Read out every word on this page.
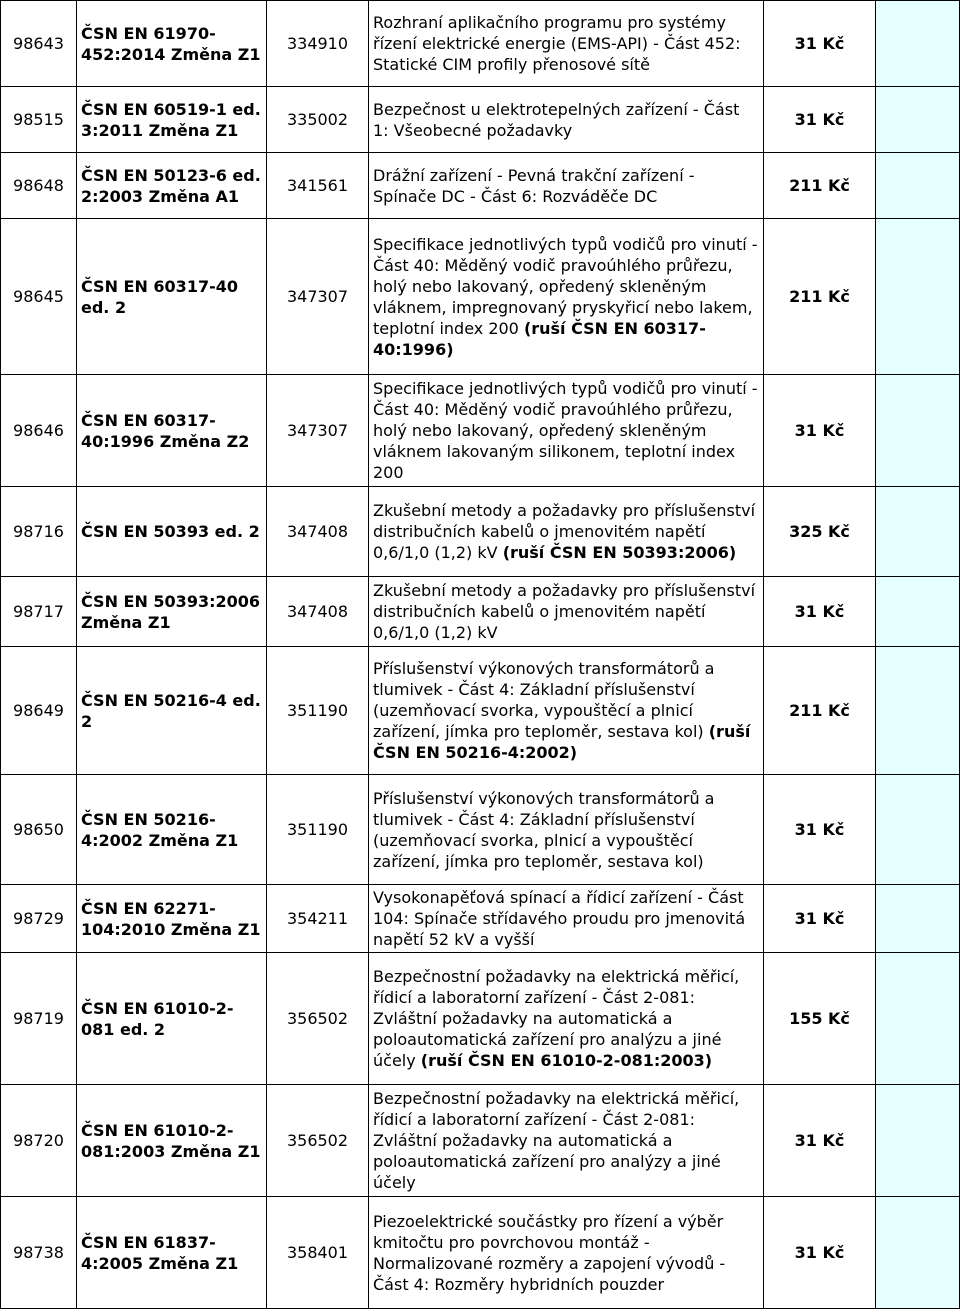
98643	ČSN EN 61970-452:2014 Změna Z1	334910	Rozhraní aplikačního programu pro systémy řízení elektrické energie (EMS-API) - Část 452: Statické CIM profily přenosové sítě	31 Kč	
98515	ČSN EN 60519-1 ed. 3:2011 Změna Z1	335002	Bezpečnost u elektrotepelných zařízení - Část 1: Všeobecné požadavky	31 Kč	
98648	ČSN EN 50123-6 ed. 2:2003 Změna A1	341561	Drážní zařízení - Pevná trakční zařízení - Spínače DC - Část 6: Rozváděče DC	211 Kč	
98645	ČSN EN 60317-40 ed. 2	347307	Specifikace jednotlivých typů vodičů pro vinutí - Část 40: Měděný vodič pravoúhlého průřezu, holý nebo lakovaný, opředený skleněným vláknem, impregnovaný pryskyřicí nebo lakem, teplotní index 200 (ruší ČSN EN 60317-40:1996)	211 Kč	
98646	ČSN EN 60317-40:1996 Změna Z2	347307	Specifikace jednotlivých typů vodičů pro vinutí - Část 40: Měděný vodič pravoúhlého průřezu, holý nebo lakovaný, opředený skleněným vláknem lakovaným silikonem, teplotní index 200	31 Kč	
98716	ČSN EN 50393 ed. 2	347408	Zkušební metody a požadavky pro příslušenství distribučních kabelů o jmenovitém napětí 0,6/1,0 (1,2) kV (ruší ČSN EN 50393:2006)	325 Kč	
98717	ČSN EN 50393:2006 Změna Z1	347408	Zkušební metody a požadavky pro příslušenství distribučních kabelů o jmenovitém napětí 0,6/1,0 (1,2) kV	31 Kč	
98649	ČSN EN 50216-4 ed. 2	351190	Příslušenství výkonových transformátorů a tlumivek - Část 4: Základní příslušenství (uzemňovací svorka, vypouštěcí a plnicí zařízení, jímka pro teploměr, sestava kol) (ruší ČSN EN 50216-4:2002)	211 Kč	
98650	ČSN EN 50216-4:2002 Změna Z1	351190	Příslušenství výkonových transformátorů a tlumivek - Část 4: Základní příslušenství (uzemňovací svorka, plnicí a vypouštěcí zařízení, jímka pro teploměr, sestava kol)	31 Kč	
98729	ČSN EN 62271-104:2010 Změna Z1	354211	Vysokonapěťová spínací a řídicí zařízení - Část 104: Spínače střídavého proudu pro jmenovitá napětí 52 kV a vyšší	31 Kč	
98719	ČSN EN 61010-2-081 ed. 2	356502	Bezpečnostní požadavky na elektrická měřicí, řídicí a laboratorní zařízení - Část 2-081: Zvláštní požadavky na automatická a poloautomatická zařízení pro analýzu a jiné účely (ruší ČSN EN 61010-2-081:2003)	155 Kč	
98720	ČSN EN 61010-2-081:2003 Změna Z1	356502	Bezpečnostní požadavky na elektrická měřicí, řídicí a laboratorní zařízení - Část 2-081: Zvláštní požadavky na automatická a poloautomatická zařízení pro analýzy a jiné účely	31 Kč	
98738	ČSN EN 61837-4:2005 Změna Z1	358401	Piezoelektrické součástky pro řízení a výběr kmitočtu pro povrchovou montáž - Normalizované rozměry a zapojení vývodů - Část 4: Rozměry hybridních pouzder	31 Kč	
